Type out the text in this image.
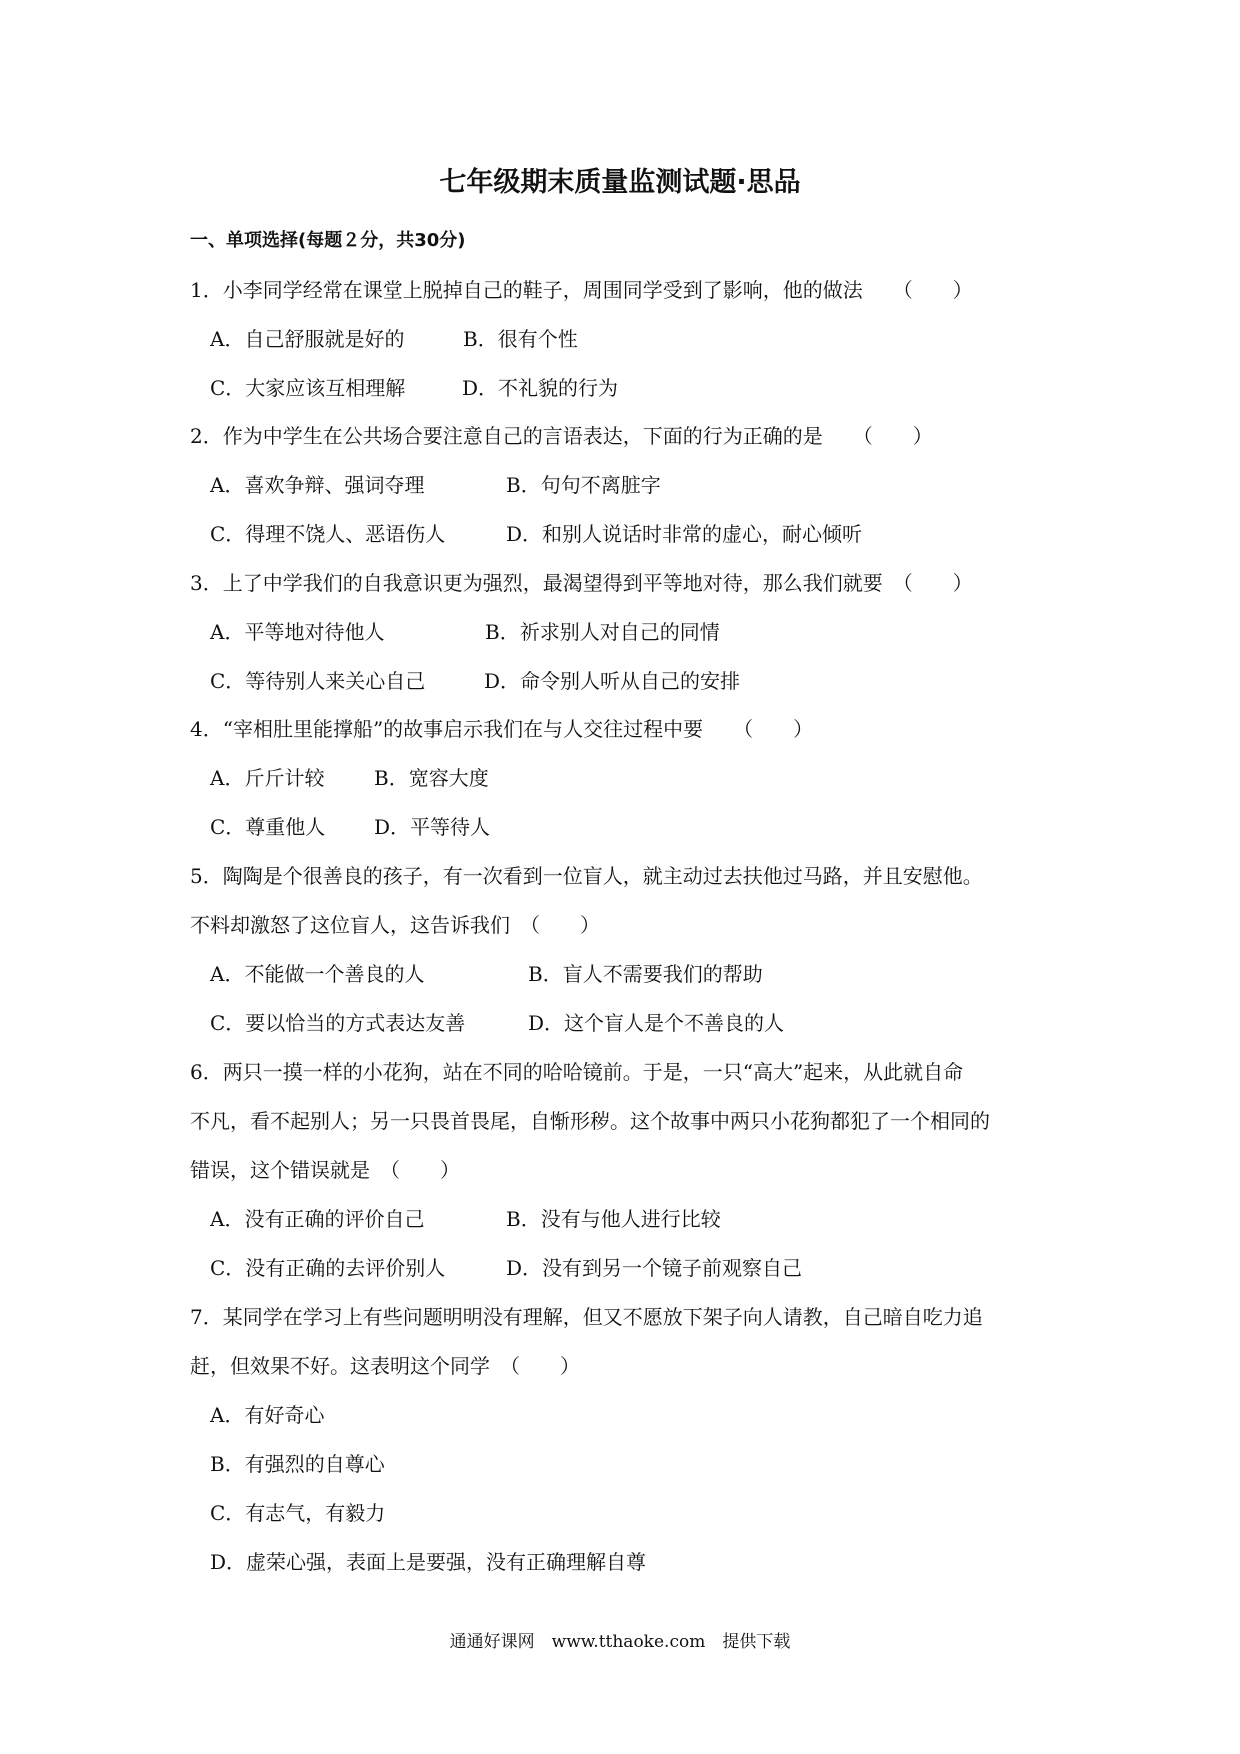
七年级期末质量监测试题·思品
一、单项选择(每题２分，共30分)
1．小李同学经常在课堂上脱掉自己的鞋子，周围同学受到了影响，他的做法　　（　　）
A．自己舒服就是好的	B．很有个性
C．大家应该互相理解	D．不礼貌的行为
2．作为中学生在公共场合要注意自己的言语表达，下面的行为正确的是　　（　　）
A．喜欢争辩、强词夺理	B．句句不离脏字
C．得理不饶人、恶语伤人	D．和别人说话时非常的虚心，耐心倾听
3．上了中学我们的自我意识更为强烈，最渴望得到平等地对待，那么我们就要　（　　）
A．平等地对待他人	B．祈求别人对自己的同情
C．等待别人来关心自己	D．命令别人听从自己的安排
4．“宰相肚里能撑船”的故事启示我们在与人交往过程中要　　（　　）
A．斤斤计较 B．宽容大度
C．尊重他人 D．平等待人
5．陶陶是个很善良的孩子，有一次看到一位盲人，就主动过去扶他过马路，并且安慰他。
不料却激怒了这位盲人，这告诉我们　（　　）
A．不能做一个善良的人	B．盲人不需要我们的帮助
C．要以恰当的方式表达友善	D．这个盲人是个不善良的人
6．两只一摸一样的小花狗，站在不同的哈哈镜前。于是，一只“高大”起来，从此就自命
不凡，看不起别人；另一只畏首畏尾，自惭形秽。这个故事中两只小花狗都犯了一个相同的
错误，这个错误就是　（　　）
A．没有正确的评价自己	B．没有与他人进行比较
C．没有正确的去评价别人	D．没有到另一个镜子前观察自己
7．某同学在学习上有些问题明明没有理解，但又不愿放下架子向人请教，自己暗自吃力追
赶，但效果不好。这表明这个同学　（　　）
A．有好奇心
B．有强烈的自尊心
C．有志气，有毅力
D．虚荣心强，表面上是要强，没有正确理解自尊
通通好课网　www.tthaoke.com　提供下载
